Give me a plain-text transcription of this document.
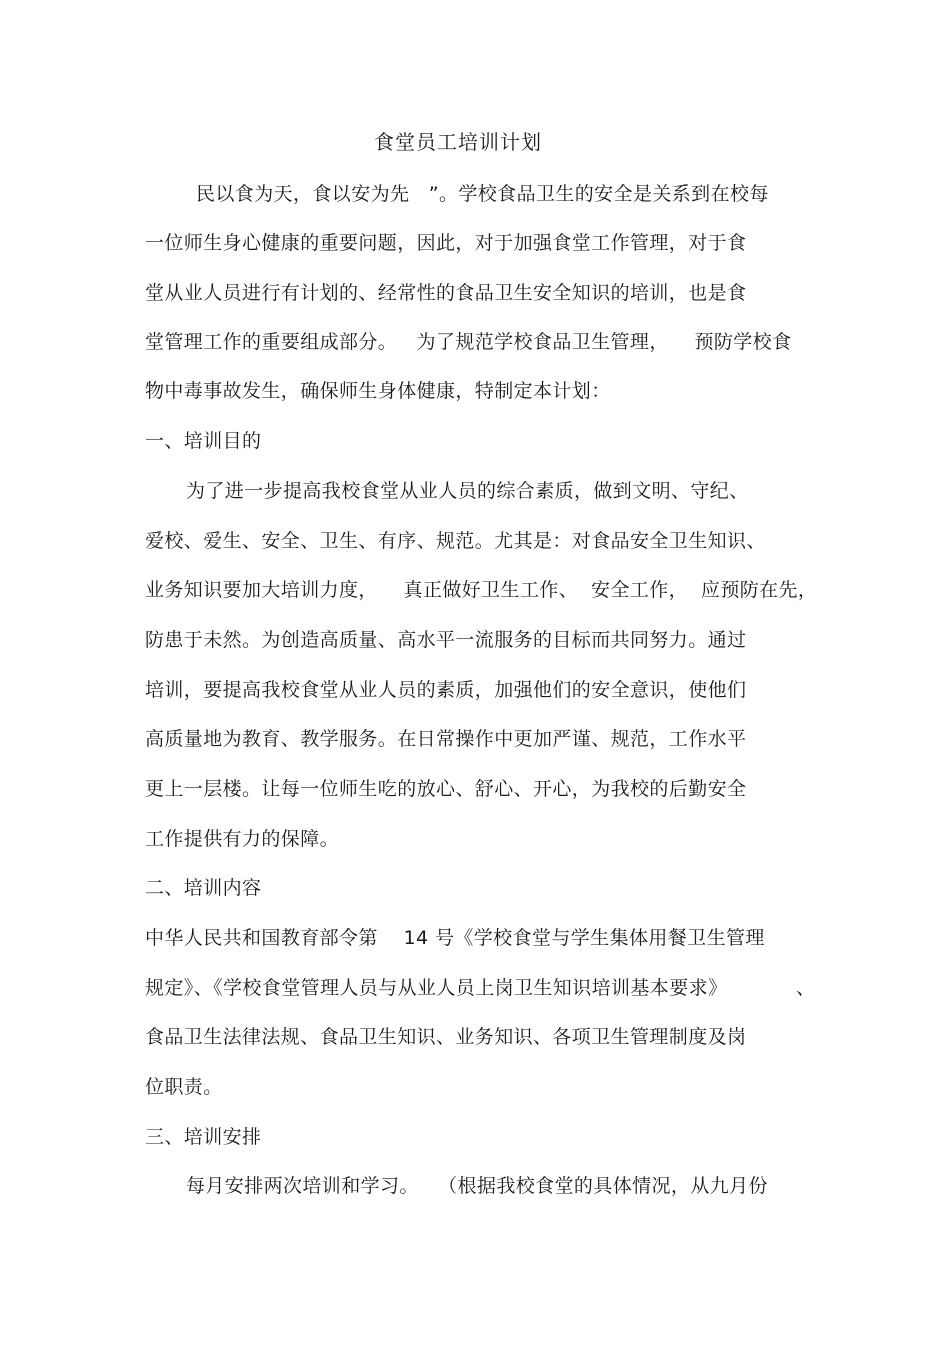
食堂员工培训计划
民以食为天，食以安为先   ”。学校食品卫生的安全是关系到在校每
一位师生身心健康的重要问题，因此，对于加强食堂工作管理，对于食
堂从业人员进行有计划的、经常性的食品卫生安全知识的培训，也是食
堂管理工作的重要组成部分。   为了规范学校食品卫生管理，    预防学校食
物中毒事故发生，确保师生身体健康，特制定本计划：
一、培训目的
为了进一步提高我校食堂从业人员的综合素质，做到文明、守纪、
爱校、爱生、安全、卫生、有序、规范。尤其是：对食品安全卫生知识、
业务知识要加大培训力度，    真正做好卫生工作、  安全工作，  应预防在先，
防患于未然。为创造高质量、高水平一流服务的目标而共同努力。通过
培训，要提高我校食堂从业人员的素质，加强他们的安全意识，使他们
高质量地为教育、教学服务。在日常操作中更加严谨、规范，工作水平
更上一层楼。让每一位师生吃的放心、舒心、开心，为我校的后勤安全
工作提供有力的保障。
二、培训内容
中华人民共和国教育部令第    14 号《学校食堂与学生集体用餐卫生管理
规定》、《学校食堂管理人员与从业人员上岗卫生知识培训基本要求》	、
食品卫生法律法规、食品卫生知识、业务知识、各项卫生管理制度及岗
位职责。
三、培训安排
每月安排两次培训和学习。   （根据我校食堂的具体情况，从九月份
